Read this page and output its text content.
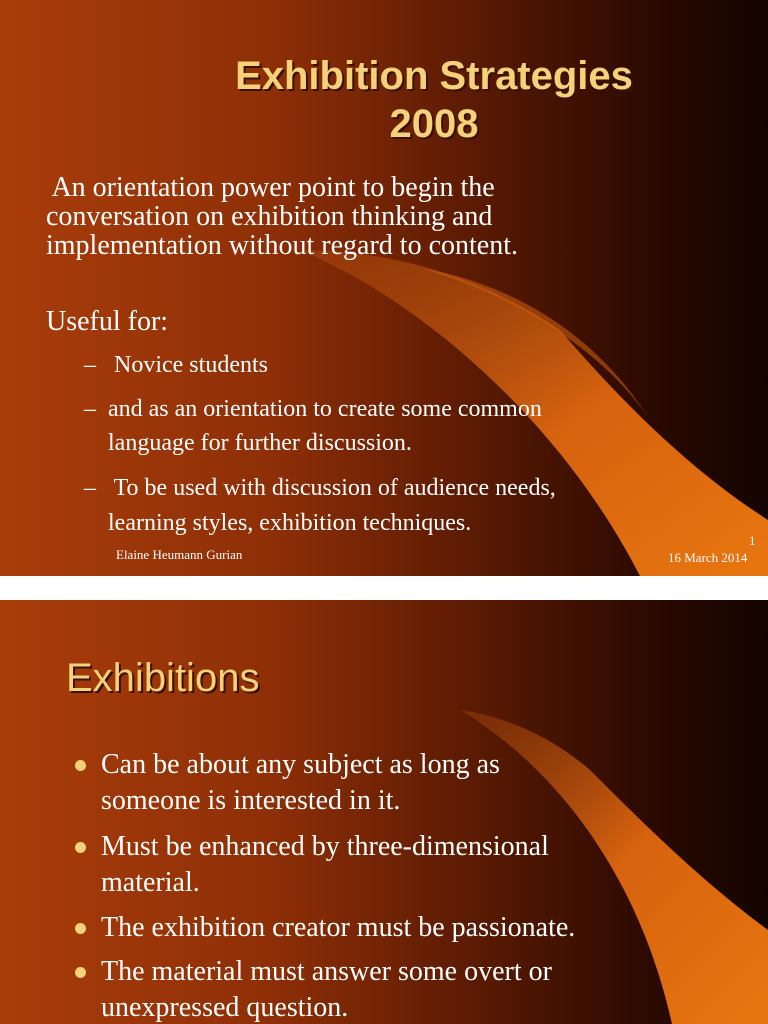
Exhibition Strategies
2008

An orientation power point to begin the
conversation on exhibition thinking and
implementation without regard to content.

Useful for:

– Novice students
– and as an orientation to create some common
language for further discussion.
– To be used with discussion of audience needs,
learning styles, exhibition techniques.
Elaine Heumann Gurian
1
16 March 2014
Exhibitions
Can be about any subject as long as
someone is interested in it.
Must be enhanced by three-dimensional
material.
The exhibition creator must be passionate.
The material must answer some overt or
unexpressed question.
